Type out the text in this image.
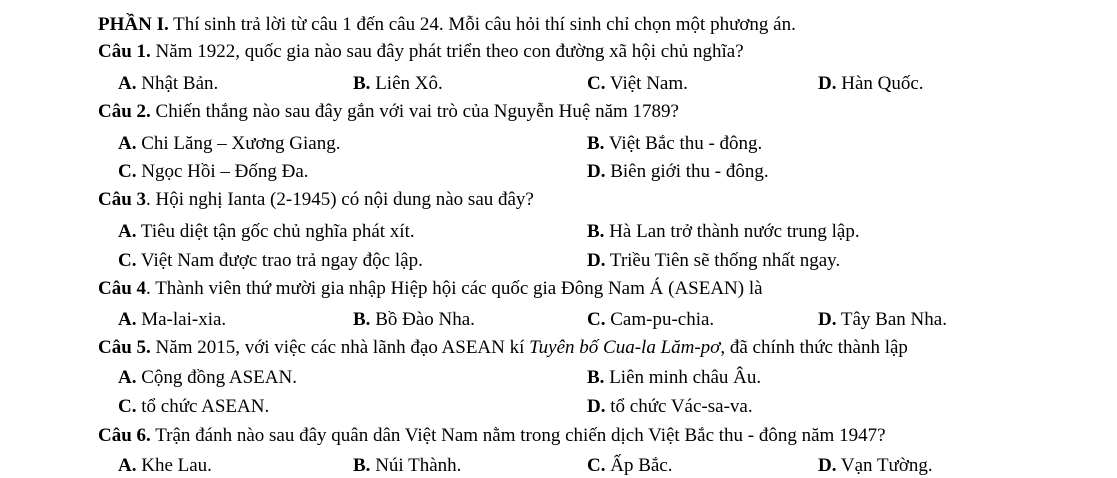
PHẦN I. Thí sinh trả lời từ câu 1 đến câu 24. Mỗi câu hỏi thí sinh chỉ chọn một phương án.
Câu 1. Năm 1922, quốc gia nào sau đây phát triển theo con đường xã hội chủ nghĩa?
A. Nhật Bản.	B. Liên Xô.	C. Việt Nam.	D. Hàn Quốc.
Câu 2. Chiến thắng nào sau đây gắn với vai trò của Nguyễn Huệ năm 1789?
A. Chi Lăng – Xương Giang.	B. Việt Bắc thu - đông.
C. Ngọc Hồi – Đống Đa.	D. Biên giới thu - đông.
Câu 3. Hội nghị Ianta (2-1945) có nội dung nào sau đây?
A. Tiêu diệt tận gốc chủ nghĩa phát xít.	B. Hà Lan trở thành nước trung lập.
C. Việt Nam được trao trả ngay độc lập.	D. Triều Tiên sẽ thống nhất ngay.
Câu 4. Thành viên thứ mười gia nhập Hiệp hội các quốc gia Đông Nam Á (ASEAN) là
A. Ma-lai-xia.	B. Bồ Đào Nha.	C. Cam-pu-chia.	D. Tây Ban Nha.
Câu 5. Năm 2015, với việc các nhà lãnh đạo ASEAN kí Tuyên bố Cua-la Lăm-pơ, đã chính thức thành lập
A. Cộng đồng ASEAN.	B. Liên minh châu Âu.
C. tổ chức ASEAN.	D. tổ chức Vác-sa-va.
Câu 6. Trận đánh nào sau đây quân dân Việt Nam nằm trong chiến dịch Việt Bắc thu - đông năm 1947?
A. Khe Lau.	B. Núi Thành.	C. Ấp Bắc.	D. Vạn Tường.
